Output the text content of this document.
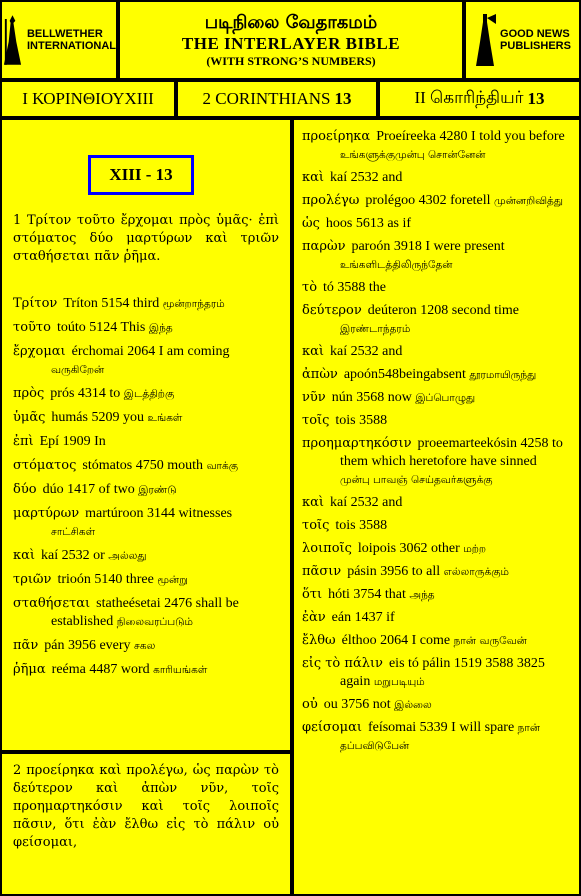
BELLWETHER
INTERNATIONAL
படிநிலை வேதாகமம்
THE INTERLAYER BIBLE
(WITH STRONG’S NUMBERS)
GOOD NEWS
PUBLISHERS
Ι ΚΟΡΙΝΘΙΟΥ XIII	2 CORINTHIANS 13	II கொரிந்தியர் 13
XIII - 13
1 Τρίτον τοῦτο ἔρχομαι πρὸς ὑμᾶς· ἐπὶ στόματος δύο μαρτύρων καὶ τριῶν σταθήσεται πᾶν ῥῆμα.
Τρίτον Tríton 5154 third மூன்றாந்தரம்
τοῦτο toúto 5124 This இந்த
ἔρχομαι érchomai 2064 I am coming வருகிறேன்
πρὸς prós 4314 to இடத்திற்கு
ὑμᾶς humás 5209 you உங்கள்
ἐπὶ Epí 1909 In
στόματος stómatos 4750 mouth வாக்கு
δύο dúo 1417 of two இரண்டு
μαρτύρων martúroon 3144 witnesses சாட்சிகள்
καὶ kaí 2532 or அல்லது
τριῶν trioón 5140 three மூன்று
σταθήσεται statheésetai 2476 shall be established நிலைவரப்படும்
πᾶν pán 3956 every சகல
ῥῆμα reéma 4487 word காரியங்கள்
2 προείρηκα καὶ προλέγω, ὡς παρὼν τὸ δεύτερον καὶ ἀπὼν νῦν, τοῖς προημαρτηκόσιν καὶ τοῖς λοιποῖς πᾶσιν, ὅτι ἐὰν ἔλθω εἰς τὸ πάλιν οὐ φείσομαι,
προείρηκα Proeíreeka 4280 I told you before உங்களுக்குமுன்பு சொன்னேன்
καὶ kaí 2532 and
προλέγω prolégoo 4302 foretell முன்னறிவித்து
ὡς hoos 5613 as if
παρὼν paroón 3918 I were present உங்களிடத்திலிருந்தேன்
τὸ tó 3588 the
δεύτερον deúteron 1208 second time இரண்டாந்தரம்
καὶ kaí 2532 and
ἀπὼν apoón548beingabsent தூரமாயிருந்து
νῦν nún 3568 now இப்பொழுது
τοῖς tois 3588
προημαρτηκόσιν proeemarteekósin 4258 to them which heretofore have sinned முன்பு பாவஞ் செய்தவர்களுக்கு
καὶ kaí 2532 and
τοῖς tois 3588
λοιποῖς loipois 3062 other மற்ற
πᾶσιν pásin 3956 to all எல்லாருக்கும்
ὅτι hóti 3754 that அந்த
ἐὰν eán 1437 if
ἔλθω élthoo 2064 I come நான் வருவேன்
εἰς τὸ πάλιν eis tó pálin 1519 3588 3825 again மறுபடியும்
οὐ ou 3756 not இல்லை
φείσομαι feísomai 5339 I will spare நான் தப்பவிடுபேன்
